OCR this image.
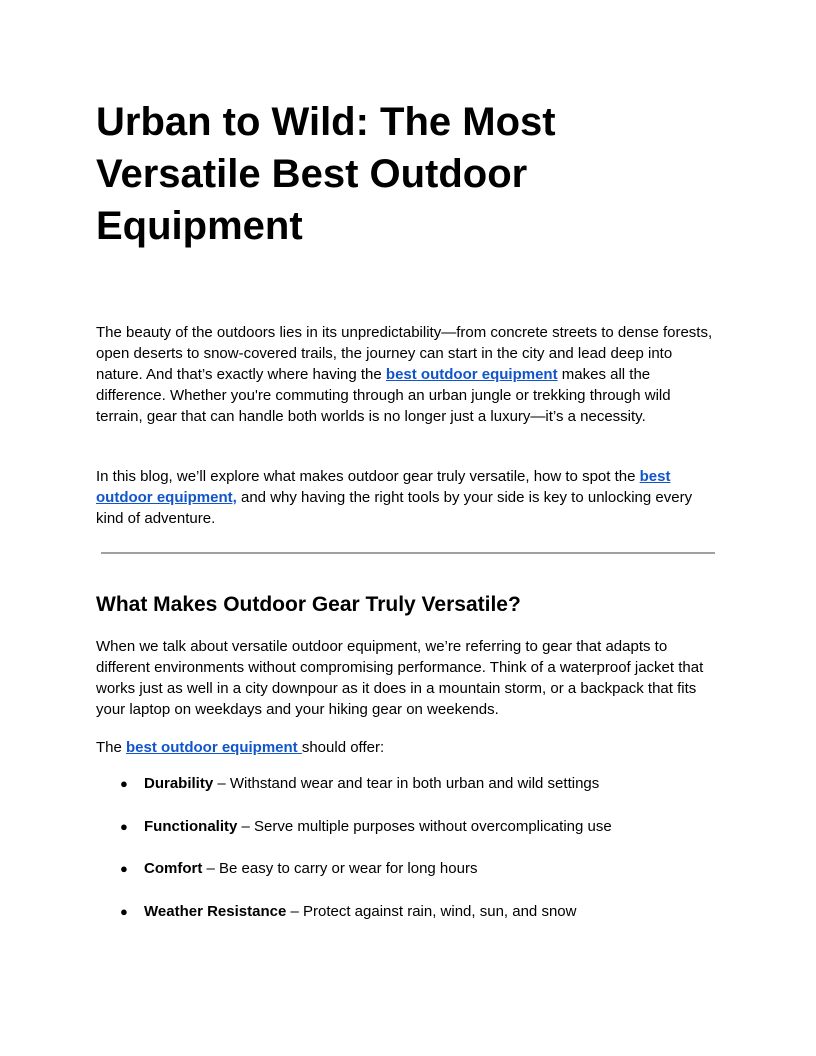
Urban to Wild: The Most Versatile Best Outdoor Equipment

The beauty of the outdoors lies in its unpredictability—from concrete streets to dense forests, open deserts to snow-covered trails, the journey can start in the city and lead deep into nature. And that’s exactly where having the best outdoor equipment makes all the difference. Whether you're commuting through an urban jungle or trekking through wild terrain, gear that can handle both worlds is no longer just a luxury—it’s a necessity.

In this blog, we’ll explore what makes outdoor gear truly versatile, how to spot the best outdoor equipment, and why having the right tools by your side is key to unlocking every kind of adventure.

What Makes Outdoor Gear Truly Versatile?

When we talk about versatile outdoor equipment, we’re referring to gear that adapts to different environments without compromising performance. Think of a waterproof jacket that works just as well in a city downpour as it does in a mountain storm, or a backpack that fits your laptop on weekdays and your hiking gear on weekends.

The best outdoor equipment should offer:

● Durability – Withstand wear and tear in both urban and wild settings
● Functionality – Serve multiple purposes without overcomplicating use
● Comfort – Be easy to carry or wear for long hours
● Weather Resistance – Protect against rain, wind, sun, and snow
